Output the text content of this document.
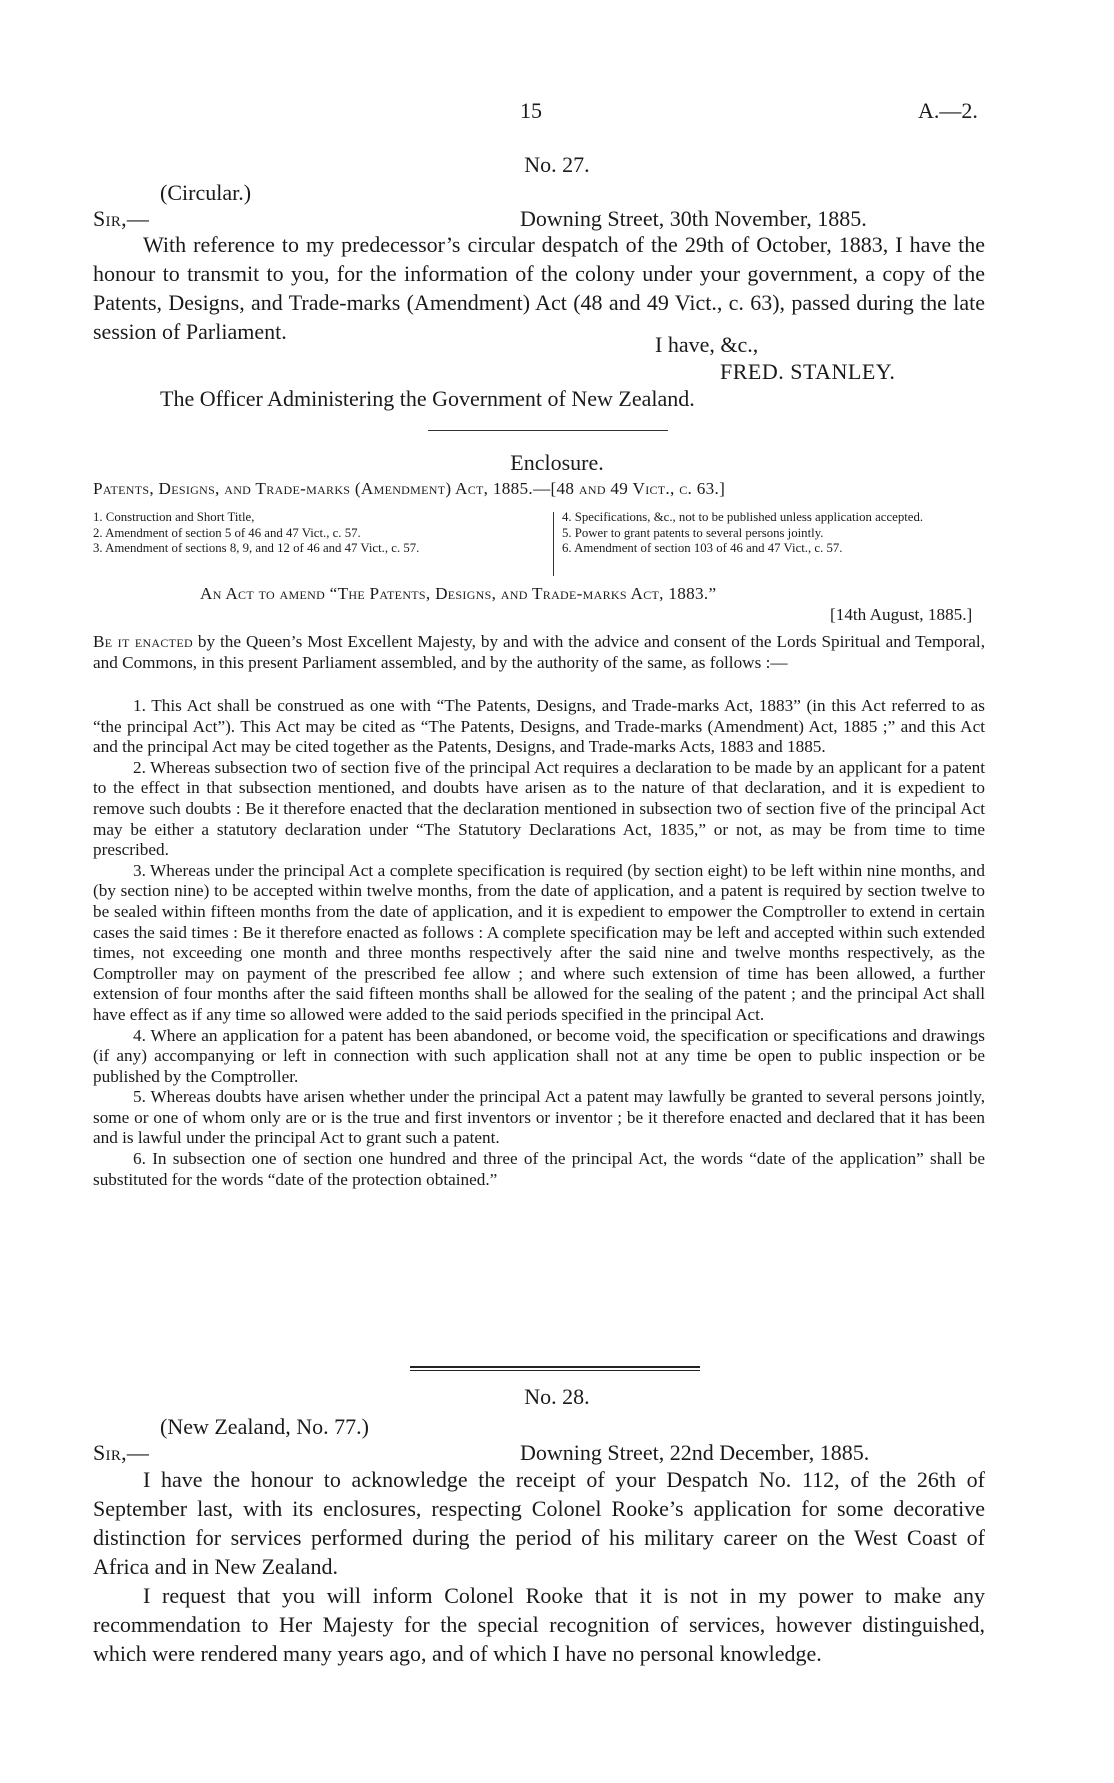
15	A.—2.
No. 27.
(Circular.)
Sir,—	Downing Street, 30th November, 1885.

With reference to my predecessor’s circular despatch of the 29th of October, 1883, I have the honour to transmit to you, for the information of the colony under your government, a copy of the Patents, Designs, and Trade-marks (Amendment) Act (48 and 49 Vict., c. 63), passed during the late session of Parliament.

I have, &c.,
FRED. STANLEY.
The Officer Administering the Government of New Zealand.
Enclosure.
Patents, Designs, and Trade-marks (Amendment) Act, 1885.—[48 and 49 Vict., c. 63.]
1. Construction and Short Title,
2. Amendment of section 5 of 46 and 47 Vict., c. 57.
3. Amendment of sections 8, 9, and 12 of 46 and 47 Vict., c. 57.
4. Specifications, &c., not to be published unless application accepted.
5. Power to grant patents to several persons jointly.
6. Amendment of section 103 of 46 and 47 Vict., c. 57.
An Act to amend “The Patents, Designs, and Trade-marks Act, 1883.”
[14th August, 1885.]

Be it enacted by the Queen’s Most Excellent Majesty, by and with the advice and consent of the Lords Spiritual and Temporal, and Commons, in this present Parliament assembled, and by the authority of the same, as follows :—

1. This Act shall be construed as one with “The Patents, Designs, and Trade-marks Act, 1883” (in this Act referred to as “the principal Act”). This Act may be cited as “The Patents, Designs, and Trade-marks (Amendment) Act, 1885 ;” and this Act and the principal Act may be cited together as the Patents, Designs, and Trade-marks Acts, 1883 and 1885.

2. Whereas subsection two of section five of the principal Act requires a declaration to be made by an applicant for a patent to the effect in that subsection mentioned, and doubts have arisen as to the nature of that declaration, and it is expedient to remove such doubts : Be it therefore enacted that the declaration mentioned in subsection two of section five of the principal Act may be either a statutory declaration under “The Statutory Declarations Act, 1835,” or not, as may be from time to time prescribed.

3. Whereas under the principal Act a complete specification is required (by section eight) to be left within nine months, and (by section nine) to be accepted within twelve months, from the date of application, and a patent is required by section twelve to be sealed within fifteen months from the date of application, and it is expedient to empower the Comptroller to extend in certain cases the said times : Be it therefore enacted as follows : A complete specification may be left and accepted within such extended times, not exceeding one month and three months respectively after the said nine and twelve months respectively, as the Comptroller may on payment of the prescribed fee allow ; and where such extension of time has been allowed, a further extension of four months after the said fifteen months shall be allowed for the sealing of the patent ; and the principal Act shall have effect as if any time so allowed were added to the said periods specified in the principal Act.

4. Where an application for a patent has been abandoned, or become void, the specification or specifications and drawings (if any) accompanying or left in connection with such application shall not at any time be open to public inspection or be published by the Comptroller.

5. Whereas doubts have arisen whether under the principal Act a patent may lawfully be granted to several persons jointly, some or one of whom only are or is the true and first inventors or inventor ; be it therefore enacted and declared that it has been and is lawful under the principal Act to grant such a patent.

6. In subsection one of section one hundred and three of the principal Act, the words “date of the application” shall be substituted for the words “date of the protection obtained.”

No. 28.
(New Zealand, No. 77.)
Sir,—	Downing Street, 22nd December, 1885.

I have the honour to acknowledge the receipt of your Despatch No. 112, of the 26th of September last, with its enclosures, respecting Colonel Rooke’s application for some decorative distinction for services performed during the period of his military career on the West Coast of Africa and in New Zealand.

I request that you will inform Colonel Rooke that it is not in my power to make any recommendation to Her Majesty for the special recognition of services, however distinguished, which were rendered many years ago, and of which I have no personal knowledge.
